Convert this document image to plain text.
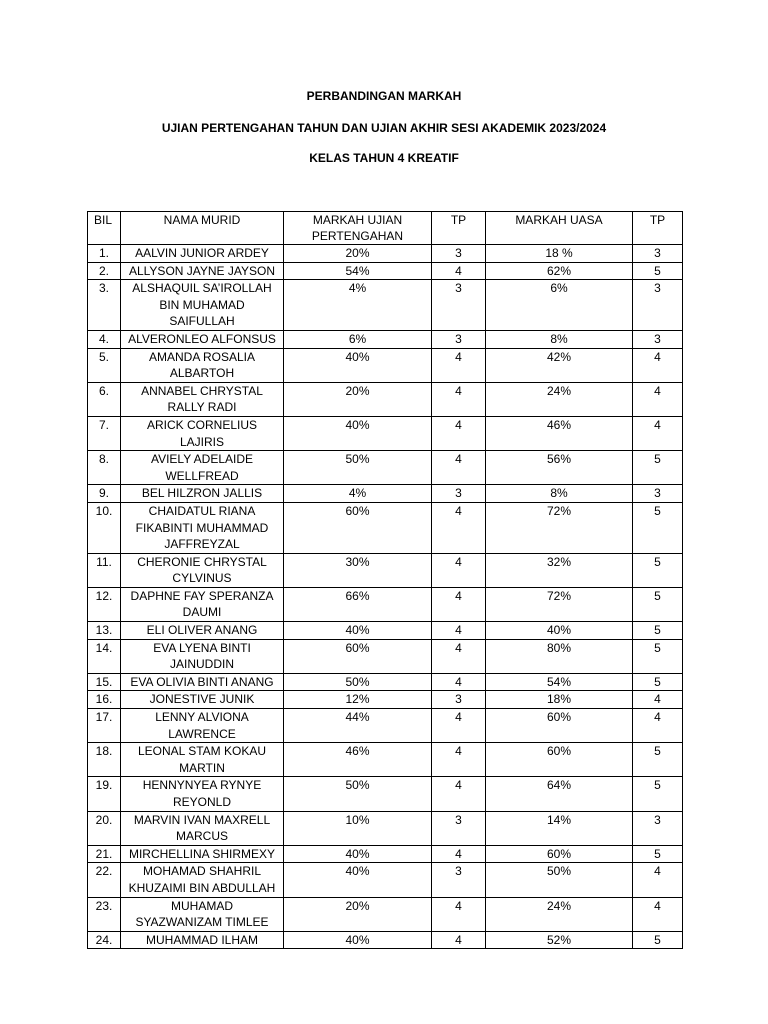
PERBANDINGAN MARKAH
UJIAN PERTENGAHAN TAHUN DAN UJIAN AKHIR SESI AKADEMIK 2023/2024
KELAS TAHUN 4 KREATIF
BIL	NAMA MURID	MARKAH UJIAN
PERTENGAHAN	TP	MARKAH UASA	TP
1.	AALVIN JUNIOR ARDEY	20%	3	18 %	3
2.	ALLYSON JAYNE JAYSON	54%	4	62%	5
3.	ALSHAQUIL SA’IROLLAH
BIN MUHAMAD
SAIFULLAH	4%	3	6%	3
4.	ALVERONLEO ALFONSUS	6%	3	8%	3
5.	AMANDA ROSALIA
ALBARTOH	40%	4	42%	4
6.	ANNABEL CHRYSTAL
RALLY RADI	20%	4	24%	4
7.	ARICK CORNELIUS
LAJIRIS	40%	4	46%	4
8.	AVIELY ADELAIDE
WELLFREAD	50%	4	56%	5
9.	BEL HILZRON JALLIS	4%	3	8%	3
10.	CHAIDATUL RIANA
FIKABINTI MUHAMMAD
JAFFREYZAL	60%	4	72%	5
11.	CHERONIE CHRYSTAL
CYLVINUS	30%	4	32%	5
12.	DAPHNE FAY SPERANZA
DAUMI	66%	4	72%	5
13.	ELI OLIVER ANANG	40%	4	40%	5
14.	EVA LYENA BINTI
JAINUDDIN	60%	4	80%	5
15.	EVA OLIVIA BINTI ANANG	50%	4	54%	5
16.	JONESTIVE JUNIK	12%	3	18%	4
17.	LENNY ALVIONA
LAWRENCE	44%	4	60%	4
18.	LEONAL STAM KOKAU
MARTIN	46%	4	60%	5
19.	HENNYNYEA RYNYE
REYONLD	50%	4	64%	5
20.	MARVIN IVAN MAXRELL
MARCUS	10%	3	14%	3
21.	MIRCHELLINA SHIRMEXY	40%	4	60%	5
22.	MOHAMAD SHAHRIL
KHUZAIMI BIN ABDULLAH	40%	3	50%	4
23.	MUHAMAD
SYAZWANIZAM TIMLEE	20%	4	24%	4
24.	MUHAMMAD ILHAM	40%	4	52%	5
